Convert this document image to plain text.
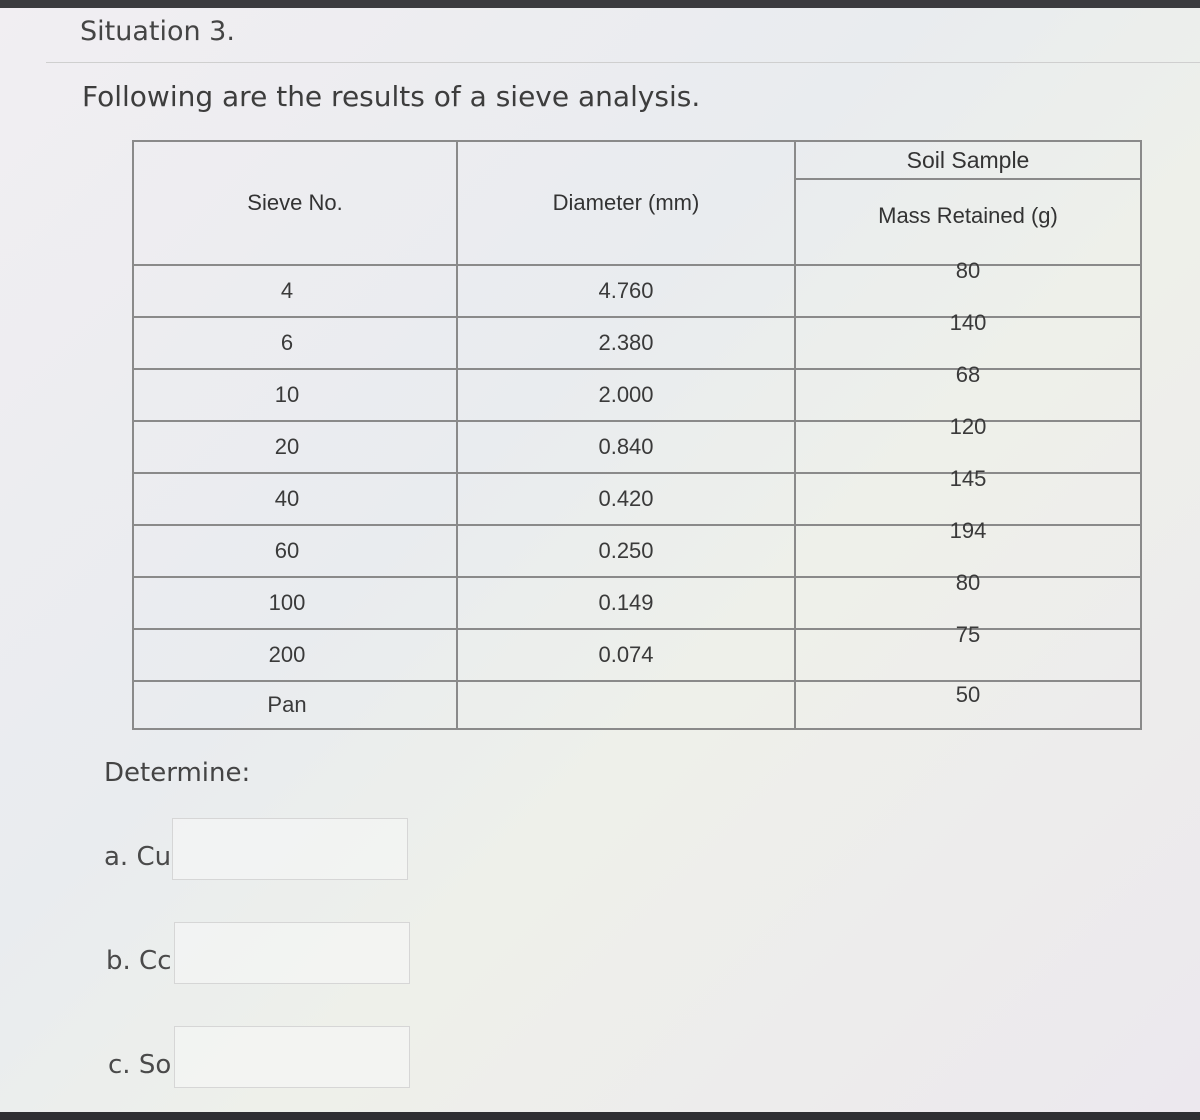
Situation 3.
Following are the results of a sieve analysis.
Sieve No.	Diameter (mm)	Soil Sample
Mass Retained (g)

4	4.760	80

6	2.380	140

10	2.000	68

20	0.840	120

40	0.420	145

60	0.250	194

100	0.149	80

200	0.074	75

Pan		50
Determine:
a. Cu
b. Cc
c. So
